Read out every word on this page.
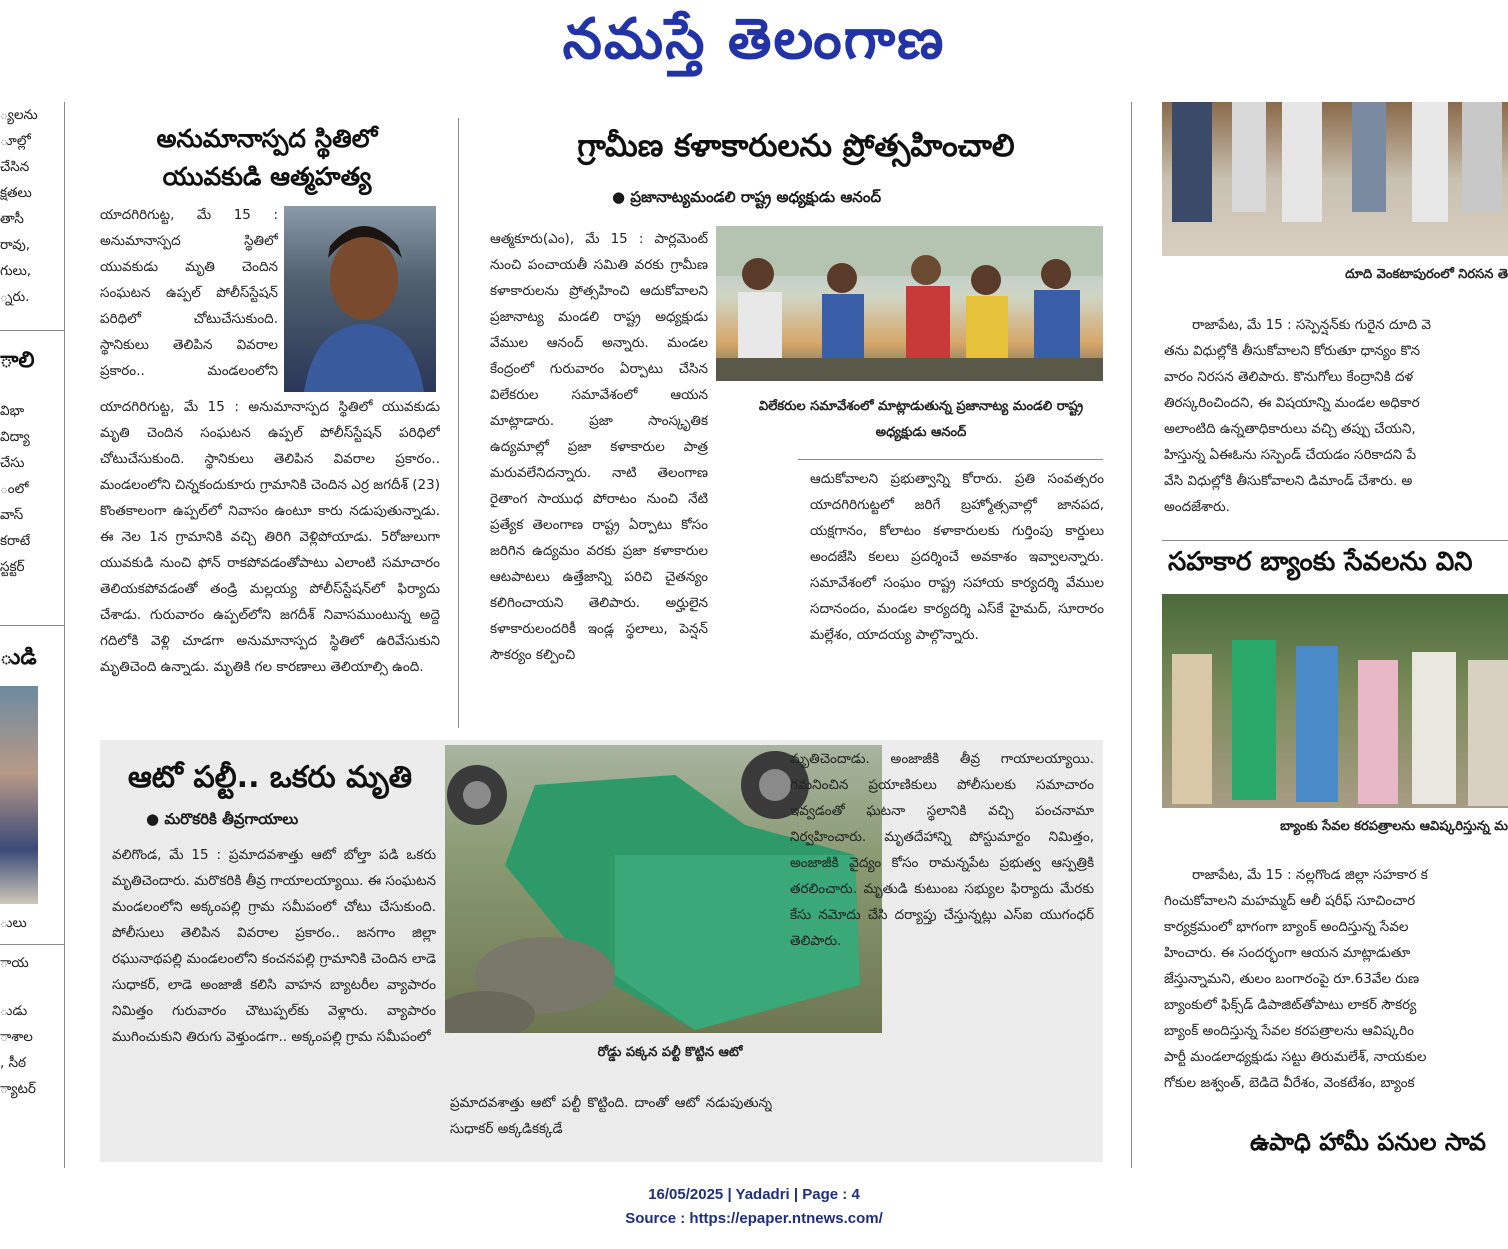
నమస్తే తెలంగాణ
్యలను
ూల్లో
చేసిన
క్షతలు
తాసీ
రావు,
గులు,
్నరు.
ాలి
విభా
విద్యా
చేసు
ంలో
వాస్
కరాటే
స్టక్టర్
ుడి
ులు
ాయ
ుడు
ాశాల
, సీఠ
్యాటర్
అనుమానాస్పద స్థితిలో
యువకుడి ఆత్మహత్య

యాదగిరిగుట్ట, మే 15 : అనుమానాస్పద స్థితిలో యువకుడు మృతి చెందిన సంఘటన ఉప్పల్ పోలీస్‌స్టేషన్ పరిధిలో చోటుచేసుకుంది. స్థానికులు తెలిపిన వివరాల ప్రకారం.. మండలంలోని

యాదగిరిగుట్ట, మే 15 : అనుమానాస్పద స్థితిలో యువకుడు మృతి చెందిన సంఘటన ఉప్పల్ పోలీస్‌స్టేషన్ పరిధిలో చోటుచేసుకుంది. స్థానికులు తెలిపిన వివరాల ప్రకారం.. మండలంలోని చిన్నకందుకూరు గ్రామానికి చెందిన ఎర్ర జగదీశ్ (23) కొంతకాలంగా ఉప్పల్‌లో నివాసం ఉంటూ కారు నడుపుతున్నాడు. ఈ నెల 1న గ్రామానికి వచ్చి తిరిగి వెళ్లిపోయాడు. 5రోజులుగా యువకుడి నుంచి ఫోన్ రాకపోవడంతోపాటు ఎలాంటి సమాచారం తెలియకపోవడంతో తండ్రి మల్లయ్య పోలీస్‌స్టేషన్‌లో ఫిర్యాదు చేశాడు. గురువారం ఉప్పల్‌లోని జగదీశ్ నివాసముంటున్న అద్దె గదిలోకి వెళ్లి చూడగా అనుమానాస్పద స్థితిలో ఉరివేసుకుని మృతిచెంది ఉన్నాడు. మృతికి గల కారణాలు తెలియాల్సి ఉంది.

గ్రామీణ కళాకారులను ప్రోత్సహించాలి
● ప్రజానాట్యమండలి రాష్ట్ర అధ్యక్షుడు ఆనంద్

ఆత్మకూరు(ఎం), మే 15 : పార్లమెంట్ నుంచి పంచాయతీ సమితి వరకు గ్రామీణ కళాకారులను ప్రోత్సహించి ఆదుకోవాలని ప్రజానాట్య మండలి రాష్ట్ర అధ్యక్షుడు వేముల ఆనంద్ అన్నారు. మండల కేంద్రంలో గురువారం ఏర్పాటు చేసిన విలేకరుల సమావేశంలో ఆయన మాట్లాడారు. ప్రజా సాంస్కృతిక ఉద్యమాల్లో ప్రజా కళాకారుల పాత్ర మరువలేనిదన్నారు. నాటి తెలంగాణ రైతాంగ సాయుధ పోరాటం నుంచి నేటి ప్రత్యేక తెలంగాణ రాష్ట్ర ఏర్పాటు కోసం జరిగిన ఉద్యమం వరకు ప్రజా కళాకారుల ఆటపాటలు ఉత్తేజాన్ని పరిచి చైతన్యం కలిగించాయని తెలిపారు. అర్హులైన కళాకారులందరికీ ఇండ్ల స్థలాలు, పెన్షన్ సౌకర్యం కల్పించి

విలేకరుల సమావేశంలో మాట్లాడుతున్న ప్రజానాట్య మండలి రాష్ట్ర అధ్యక్షుడు ఆనంద్

ఆదుకోవాలని ప్రభుత్వాన్ని కోరారు. ప్రతి సంవత్సరం యాదగిరిగుట్టలో జరిగే బ్రహ్మోత్సవాల్లో జానపద, యక్షగానం, కోలాటం కళాకారులకు గుర్తింపు కార్డులు అందజేసి కలలు ప్రదర్శించే అవకాశం ఇవ్వాలన్నారు. సమావేశంలో సంఘం రాష్ట్ర సహాయ కార్యదర్శి వేముల సదానందం, మండల కార్యదర్శి ఎస్‌కే హైమద్, సూరారం మల్లేశం, యాదయ్య పాల్గొన్నారు.

ఆటో పల్టీ.. ఒకరు మృతి
● మరొకరికి తీవ్రగాయాలు

వలిగొండ, మే 15 : ప్రమాదవశాత్తు ఆటో బోల్తా పడి ఒకరు మృతిచెందారు. మరొకరికి తీవ్ర గాయాలయ్యాయి. ఈ సంఘటన మండలంలోని అక్కంపల్లి గ్రామ సమీపంలో చోటు చేసుకుంది. పోలీసులు తెలిపిన వివరాల ప్రకారం.. జనగాం జిల్లా రఘునాథపల్లి మండలంలోని కంచనపల్లి గ్రామానికి చెందిన లాడె సుధాకర్, లాడె అంజాజీ కలిసి వాహన బ్యాటరీల వ్యాపారం నిమిత్తం గురువారం చౌటుప్పల్‌కు వెళ్లారు. వ్యాపారం ముగించుకుని తిరుగు వెళ్తుండగా.. అక్కంపల్లి గ్రామ సమీపంలో

రోడ్డు పక్కన పల్టీ కొట్టిన ఆటో

ప్రమాదవశాత్తు ఆటో పల్టీ కొట్టింది. దాంతో ఆటో నడుపుతున్న సుధాకర్ అక్కడికక్కడే

మృతిచెందాడు. అంజాజీకి తీవ్ర గాయాలయ్యాయి. గమనించిన ప్రయాణికులు పోలీసులకు సమాచారం ఇవ్వడంతో ఘటనా స్థలానికి వచ్చి పంచనామా నిర్వహించారు. మృతదేహాన్ని పోస్టుమార్టం నిమిత్తం, అంజాజీకి వైద్యం కోసం రామన్నపేట ప్రభుత్వ ఆస్పత్రికి తరలించారు. మృతుడి కుటుంబ సభ్యుల ఫిర్యాదు మేరకు కేసు నమోదు చేసి దర్యాప్తు చేస్తున్నట్లు ఎస్‌ఐ యుగంధర్ తెలిపారు.

దూది వెంకటాపురంలో నిరసన తె
రాజాపేట, మే 15 : సస్పెన్షన్‌కు గురైన దూది వె
తను విధుల్లోకి తీసుకోవాలని కోరుతూ ధాన్యం కొన
వారం నిరసన తెలిపారు. కొనుగోలు కేంద్రానికి దళ
తిరస్కరించిందని, ఈ విషయాన్ని మండల అధికార
అలాంటిది ఉన్నతాధికారులు వచ్చి తప్పు చేయని,
హిస్తున్న ఏఈఓను సస్పెండ్ చేయడం సరికాదని పే
వేసి విధుల్లోకి తీసుకోవాలని డిమాండ్ చేశారు. అ
అందజేశారు.
సహకార బ్యాంకు సేవలను విని
బ్యాంకు సేవల కరపత్రాలను ఆవిష్కరిస్తున్న మ
రాజాపేట, మే 15 : నల్లగొండ జిల్లా సహకార క
గించుకోవాలని మహమ్మద్ ఆలీ షరీఫ్ సూచించార
కార్యక్రమంలో భాగంగా బ్యాంక్ అందిస్తున్న సేవల
హించారు. ఈ సందర్భంగా ఆయన మాట్లాడుతూ
జేస్తున్నామని, తులం బంగారంపై రూ.63వేల రుణ
బ్యాంకులో ఫిక్స్‌డ్ డిపాజిట్‌తోపాటు లాకర్ సౌకర్య
బ్యాంక్ అందిస్తున్న సేవల కరపత్రాలను ఆవిష్కరిం
పార్టీ మండలాధ్యక్షుడు సట్టు తిరుమలేశ్, నాయకుల
గోకుల జశ్వంత్, బెడిదె వీరేశం, వెంకటేశం, బ్యాంక
ఉపాధి హామీ పనుల సావ
16/05/2025 | Yadadri | Page : 4
Source : https://epaper.ntnews.com/
